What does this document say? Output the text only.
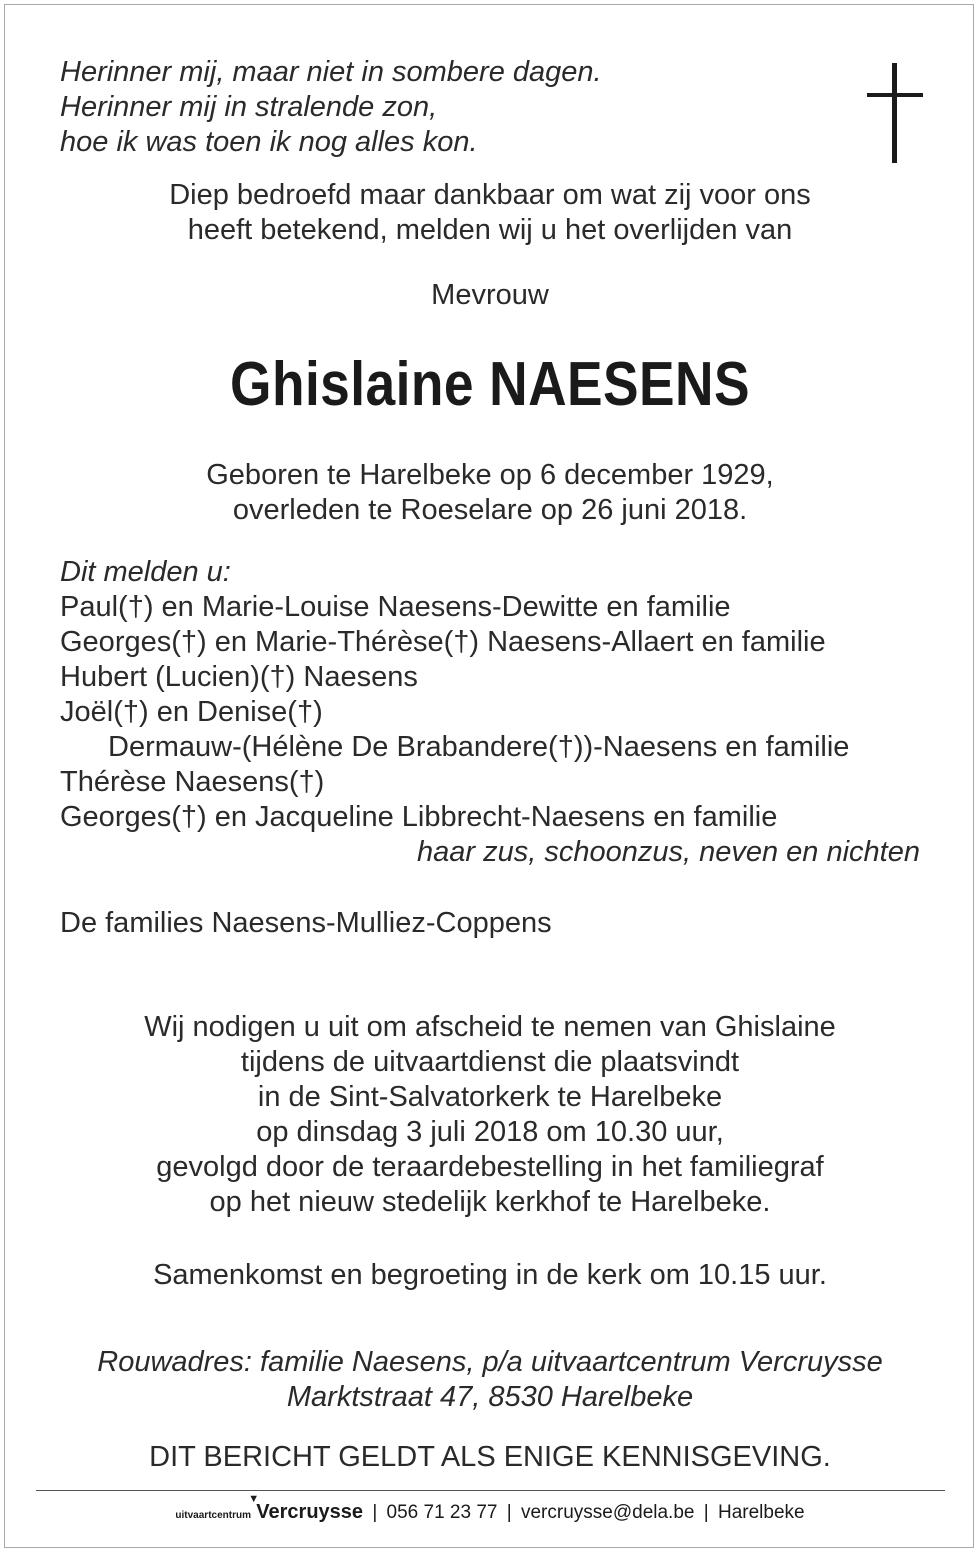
Herinner mij, maar niet in sombere dagen.
Herinner mij in stralende zon,
hoe ik was toen ik nog alles kon.
Diep bedroefd maar dankbaar om wat zij voor ons
heeft betekend, melden wij u het overlijden van
Mevrouw
Ghislaine NAESENS
Geboren te Harelbeke op 6 december 1929,
overleden te Roeselare op 26 juni 2018.
Dit melden u:
Paul(†) en Marie-Louise Naesens-Dewitte en familie
Georges(†) en Marie-Thérèse(†) Naesens-Allaert en familie
Hubert (Lucien)(†) Naesens
Joël(†) en Denise(†)
Dermauw-(Hélène De Brabandere(†))-Naesens en familie
Thérèse Naesens(†)
Georges(†) en Jacqueline Libbrecht-Naesens en familie
haar zus, schoonzus, neven en nichten
De families Naesens-Mulliez-Coppens
Wij nodigen u uit om afscheid te nemen van Ghislaine
tijdens de uitvaartdienst die plaatsvindt
in de Sint-Salvatorkerk te Harelbeke
op dinsdag 3 juli 2018 om 10.30 uur,
gevolgd door de teraardebestelling in het familiegraf
op het nieuw stedelijk kerkhof te Harelbeke.
Samenkomst en begroeting in de kerk om 10.15 uur.
Rouwadres: familie Naesens, p/a uitvaartcentrum Vercruysse
Marktstraat 47, 8530 Harelbeke
DIT BERICHT GELDT ALS ENIGE KENNISGEVING.
uitvaartcentrum
▼
Vercruysse | 056 71 23 77 | vercruysse@dela.be | Harelbeke
